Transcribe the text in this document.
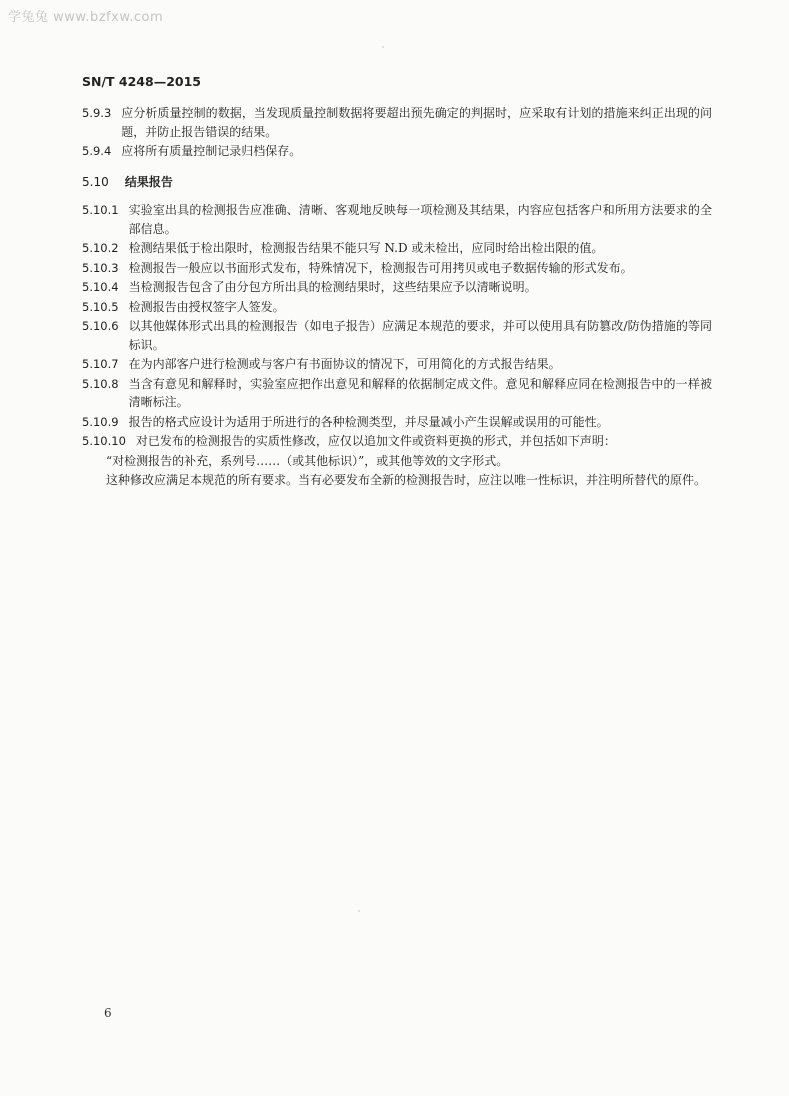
学兔兔 www.bzfxw.com
SN/T 4248—2015
5.9.3 应分析质量控制的数据，当发现质量控制数据将要超出预先确定的判据时，应采取有计划的措施来纠正出现的问题，并防止报告错误的结果。
5.9.4 应将所有质量控制记录归档保存。
5.10 结果报告
5.10.1 实验室出具的检测报告应准确、清晰、客观地反映每一项检测及其结果，内容应包括客户和所用方法要求的全部信息。
5.10.2 检测结果低于检出限时，检测报告结果不能只写 N.D 或未检出，应同时给出检出限的值。
5.10.3 检测报告一般应以书面形式发布，特殊情况下，检测报告可用拷贝或电子数据传输的形式发布。
5.10.4 当检测报告包含了由分包方所出具的检测结果时，这些结果应予以清晰说明。
5.10.5 检测报告由授权签字人签发。
5.10.6 以其他媒体形式出具的检测报告（如电子报告）应满足本规范的要求，并可以使用具有防篡改/防伪措施的等同标识。
5.10.7 在为内部客户进行检测或与客户有书面协议的情况下，可用简化的方式报告结果。
5.10.8 当含有意见和解释时，实验室应把作出意见和解释的依据制定成文件。意见和解释应同在检测报告中的一样被清晰标注。
5.10.9 报告的格式应设计为适用于所进行的各种检测类型，并尽量减小产生误解或误用的可能性。
5.10.10 对已发布的检测报告的实质性修改，应仅以追加文件或资料更换的形式，并包括如下声明：
“对检测报告的补充，系列号……（或其他标识）”，或其他等效的文字形式。
这种修改应满足本规范的所有要求。当有必要发布全新的检测报告时，应注以唯一性标识，并注明所替代的原件。
6
